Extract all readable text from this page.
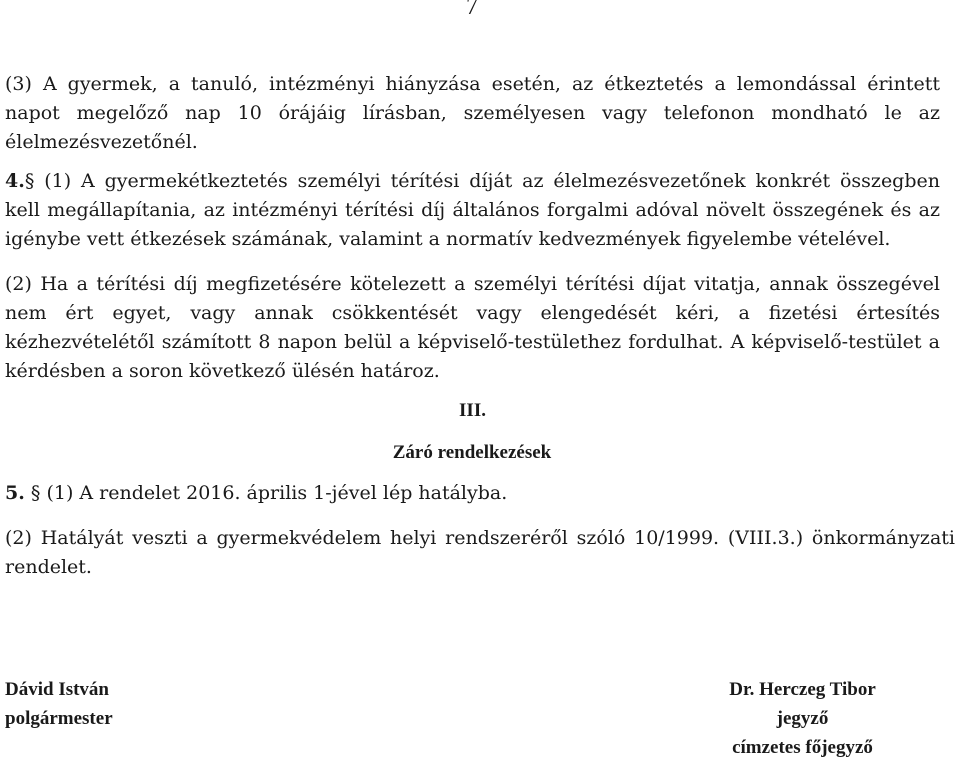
7
(3) A gyermek, a tanuló, intézményi hiányzása esetén, az étkeztetés a lemondással érintett napot megelőző nap 10 órájáig lírásban, személyesen vagy telefonon mondható le az élelmezésvezetőnél.
4.§ (1) A gyermekétkeztetés személyi térítési díját az élelmezésvezetőnek konkrét összegben kell megállapítania, az intézményi térítési díj általános forgalmi adóval növelt összegének és az igénybe vett étkezések számának, valamint a normatív kedvezmények figyelembe vételével.
(2) Ha a térítési díj megfizetésére kötelezett a személyi térítési díjat vitatja, annak összegével nem ért egyet, vagy annak csökkentését vagy elengedését kéri, a fizetési értesítés kézhezvételétől számított 8 napon belül a képviselő-testülethez fordulhat. A képviselő-testület a kérdésben a soron következő ülésén határoz.
III.
Záró rendelkezések
5. § (1) A rendelet 2016. április 1-jével lép hatályba.
(2) Hatályát veszti a gyermekvédelem helyi rendszeréről szóló 10/1999. (VIII.3.) önkormányzati rendelet.
Dávid István
polgármester
Dr. Herczeg Tibor
jegyző
címzetes főjegyző
